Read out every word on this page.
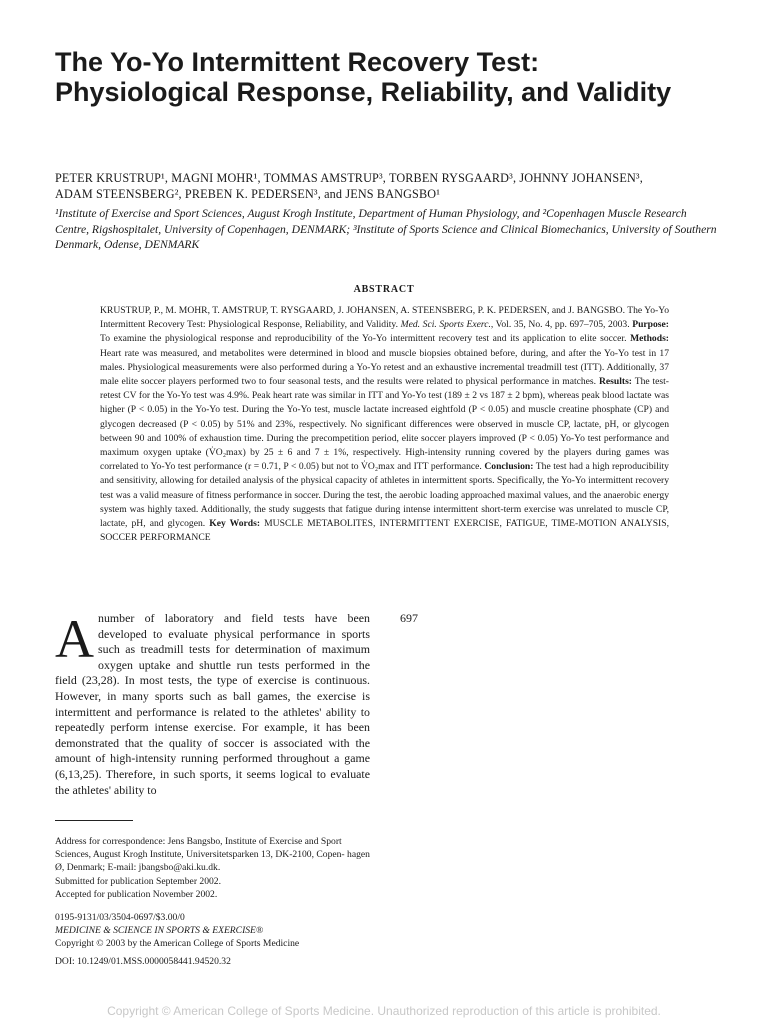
The Yo-Yo Intermittent Recovery Test: Physiological Response, Reliability, and Validity

PETER KRUSTRUP¹, MAGNI MOHR¹, TOMMAS AMSTRUP³, TORBEN RYSGAARD³, JOHNNY JOHANSEN³,
ADAM STEENSBERG², PREBEN K. PEDERSEN³, and JENS BANGSBO¹

¹Institute of Exercise and Sport Sciences, August Krogh Institute, Department of Human Physiology, and ²Copenhagen Muscle Research Centre, Rigshospitalet, University of Copenhagen, DENMARK; ³Institute of Sports Science and Clinical Biomechanics, University of Southern Denmark, Odense, DENMARK

ABSTRACT

KRUSTRUP, P., M. MOHR, T. AMSTRUP, T. RYSGAARD, J. JOHANSEN, A. STEENSBERG, P. K. PEDERSEN, and J. BANGSBO. The Yo-Yo Intermittent Recovery Test: Physiological Response, Reliability, and Validity. Med. Sci. Sports Exerc., Vol. 35, No. 4, pp. 697–705, 2003. Purpose: To examine the physiological response and reproducibility of the Yo-Yo intermittent recovery test and its application to elite soccer. Methods: Heart rate was measured, and metabolites were determined in blood and muscle biopsies obtained before, during, and after the Yo-Yo test in 17 males. Physiological measurements were also performed during a Yo-Yo retest and an exhaustive incremental treadmill test (ITT). Additionally, 37 male elite soccer players performed two to four seasonal tests, and the results were related to physical performance in matches. Results: The test-retest CV for the Yo-Yo test was 4.9%. Peak heart rate was similar in ITT and Yo-Yo test (189 ± 2 vs 187 ± 2 bpm), whereas peak blood lactate was higher (P < 0.05) in the Yo-Yo test. During the Yo-Yo test, muscle lactate increased eightfold (P < 0.05) and muscle creatine phosphate (CP) and glycogen decreased (P < 0.05) by 51% and 23%, respectively. No significant differences were observed in muscle CP, lactate, pH, or glycogen between 90 and 100% of exhaustion time. During the precompetition period, elite soccer players improved (P < 0.05) Yo-Yo test performance and maximum oxygen uptake (V̇O₂max) by 25 ± 6 and 7 ± 1%, respectively. High-intensity running covered by the players during games was correlated to Yo-Yo test performance (r = 0.71, P < 0.05) but not to V̇O₂max and ITT performance. Conclusion: The test had a high reproducibility and sensitivity, allowing for detailed analysis of the physical capacity of athletes in intermittent sports. Specifically, the Yo-Yo intermittent recovery test was a valid measure of fitness performance in soccer. During the test, the aerobic loading approached maximal values, and the anaerobic energy system was highly taxed. Additionally, the study suggests that fatigue during intense intermittent short-term exercise was unrelated to muscle CP, lactate, pH, and glycogen. Key Words: MUSCLE METABOLITES, INTERMITTENT EXERCISE, FATIGUE, TIME-MOTION ANALYSIS, SOCCER PERFORMANCE

Anumber of laboratory and field tests have been developed to evaluate physical performance in sports such as treadmill tests for determination of maximum oxygen uptake and shuttle run tests performed in the field (23,28). In most tests, the type of exercise is continuous. However, in many sports such as ball games, the exercise is intermittent and performance is related to the athletes' ability to repeatedly perform intense exercise. For example, it has been demonstrated that the quality of soccer is associated with the amount of high-intensity running performed throughout a game (6,13,25). Therefore, in such sports, it seems logical to evaluate the athletes' ability to

697

Address for correspondence: Jens Bangsbo, Institute of Exercise and Sport Sciences, August Krogh Institute, Universitetsparken 13, DK-2100, Copen- hagen Ø, Denmark; E-mail: jbangsbo@aki.ku.dk.
Submitted for publication September 2002.
Accepted for publication November 2002.

0195-9131/03/3504-0697/$3.00/0
MEDICINE & SCIENCE IN SPORTS & EXERCISE®
Copyright © 2003 by the American College of Sports Medicine

DOI: 10.1249/01.MSS.0000058441.94520.32

Copyright © American College of Sports Medicine. Unauthorized reproduction of this article is prohibited.
